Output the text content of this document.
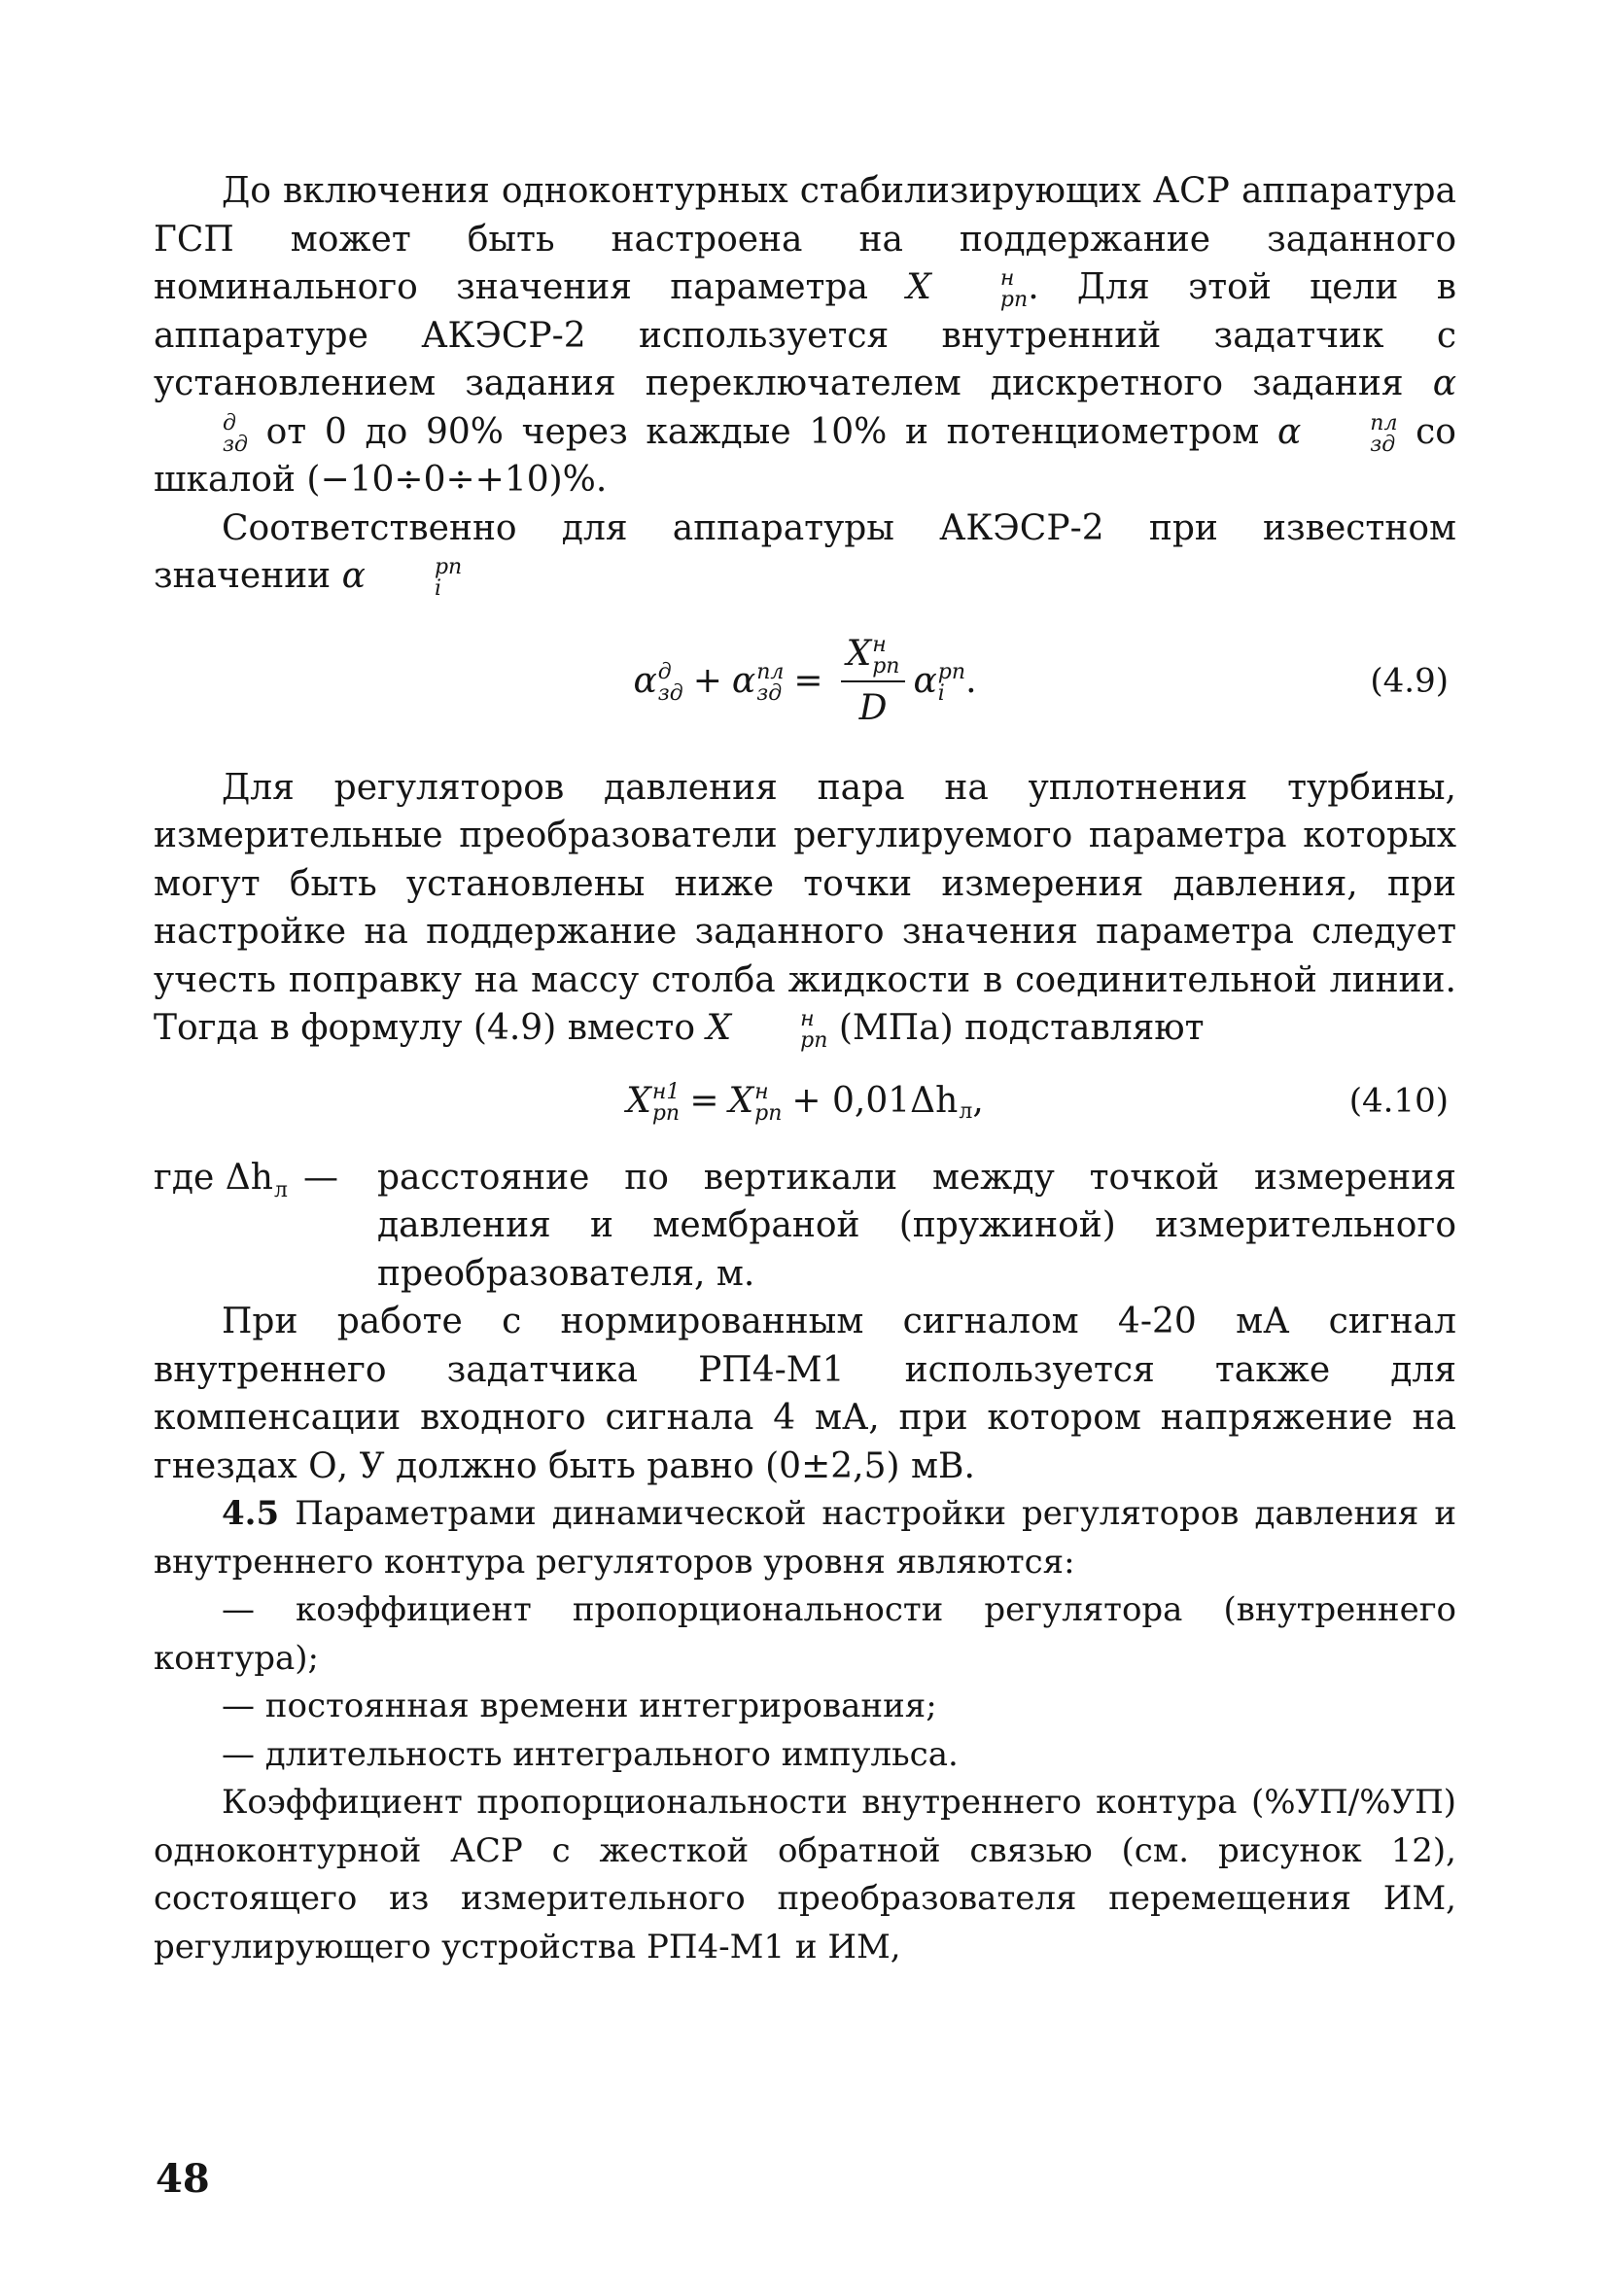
До включения одноконтурных стабилизирующих АСР аппаратура ГСП может быть настроена на поддержание заданного номинального значения параметра X	н
рп . Для этой цели в аппаратуре АКЭСР-2 используется внутренний задатчик с установлением задания переключателем дискретного задания α
д
зд от 0 до 90% через каждые 10% и потенциометром α	пл
зд со шкалой (−10÷0÷+10)%.

Соответственно для аппаратуры АКЭСР-2 при известном значении α	рп
i

α д
зд + α пл
зд = X н
рп
D α рп
i .	(4.9)

Для регуляторов давления пара на уплотнения турбины, измерительные преобразователи регулируемого параметра которых могут быть установлены ниже точки измерения давления, при настройке на поддержание заданного значения параметра следует учесть поправку на массу столба жидкости в соединительной линии. Тогда в формулу (4.9) вместо X	н
рп (МПа) подставляют

X н1
рп = X н
рп + 0,01Δh
л ,	(4.10)
где Δh
л —	расстояние по вертикали между точкой измерения давления и мембраной (пружиной) измерительного преобразователя, м.

При работе с нормированным сигналом 4-20 мА сигнал внутреннего задатчика РП4-М1 используется также для компенсации входного сигнала 4 мА, при котором напряжение на гнездах О, У должно быть равно (0±2,5) мВ.

4.5 Параметрами динамической настройки регуляторов давления и внутреннего контура регуляторов уровня являются:

— коэффициент пропорциональности регулятора (внутреннего контура);

— постоянная времени интегрирования;

— длительность интегрального импульса.

Коэффициент пропорциональности внутреннего контура (%УП/%УП) одноконтурной АСР с жесткой обратной связью (см. рисунок 12), состоящего из измерительного преобразователя перемещения ИМ, регулирующего устройства РП4-М1 и ИМ,

48
